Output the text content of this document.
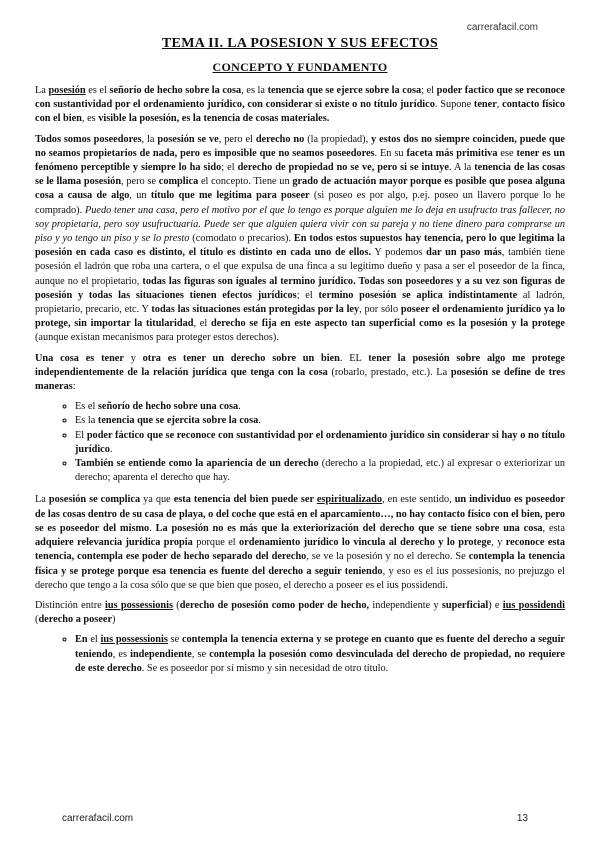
carrerafacil.com
TEMA II. LA POSESION Y SUS EFECTOS
CONCEPTO Y FUNDAMENTO

La posesión es el señorío de hecho sobre la cosa, es la tenencia que se ejerce sobre la cosa; el poder factico que se reconoce con sustantividad por el ordenamiento jurídico, con considerar si existe o no título jurídico. Supone tener, contacto físico con el bien, es visible la posesión, es la tenencia de cosas materiales.

Todos somos poseedores, la posesión se ve, pero el derecho no (la propiedad), y estos dos no siempre coinciden, puede que no seamos propietarios de nada, pero es imposible que no seamos poseedores. En su faceta más primitiva ese tener es un fenómeno perceptible y siempre lo ha sido; el derecho de propiedad no se ve, pero si se intuye. A la tenencia de las cosas se le llama posesión, pero se complica el concepto. Tiene un grado de actuación mayor porque es posible que posea alguna cosa a causa de algo, un título que me legitima para poseer (si poseo es por algo, p.ej. poseo un llavero porque lo he comprado). Puedo tener una casa, pero el motivo por el que lo tengo es porque alguien me lo deja en usufructo tras fallecer, no soy propietaria, pero soy usufructuaria. Puede ser que alguien quiera vivir con su pareja y no tiene dinero para comprarse un piso y yo tengo un piso y se lo presto (comodato o precarios). En todos estos supuestos hay tenencia, pero lo que legitima la posesión en cada caso es distinto, el título es distinto en cada uno de ellos. Y podemos dar un paso más, también tiene posesión el ladrón que roba una cartera, o el que expulsa de una finca a su legítimo dueño y pasa a ser el poseedor de la finca, aunque no el propietario, todas las figuras son iguales al termino jurídico. Todas son poseedores y a su vez son figuras de posesión y todas las situaciones tienen efectos jurídicos; el termino posesión se aplica indistintamente al ladrón, propietario, precario, etc. Y todas las situaciones están protegidas por la ley, por sólo poseer el ordenamiento jurídico ya lo protege, sin importar la titularidad, el derecho se fija en este aspecto tan superficial como es la posesión y la protege (aunque existan mecanismos para proteger estos derechos).

Una cosa es tener y otra es tener un derecho sobre un bien. EL tener la posesión sobre algo me protege independientemente de la relación jurídica que tenga con la cosa (robarlo, prestado, etc.). La posesión se define de tres maneras:

◦ Es el señorío de hecho sobre una cosa.
◦ Es la tenencia que se ejercita sobre la cosa.
◦ El poder fáctico que se reconoce con sustantividad por el ordenamiento jurídico sin considerar si hay o no título jurídico.
◦ También se entiende como la apariencia de un derecho (derecho a la propiedad, etc.) al expresar o exteriorizar un derecho; aparenta el derecho que hay.

La posesión se complica ya que esta tenencia del bien puede ser espiritualizado, en este sentido, un individuo es poseedor de las cosas dentro de su casa de playa, o del coche que está en el aparcamiento…, no hay contacto físico con el bien, pero se es poseedor del mismo. La posesión no es más que la exteriorización del derecho que se tiene sobre una cosa, esta adquiere relevancia jurídica propia porque el ordenamiento jurídico lo vincula al derecho y lo protege, y reconoce esta tenencia, contempla ese poder de hecho separado del derecho, se ve la posesión y no el derecho. Se contempla la tenencia física y se protege porque esa tenencia es fuente del derecho a seguir teniendo, y eso es el ius possesionis, no prejuzgo el derecho que tengo a la cosa sólo que se que bien que poseo, el derecho a poseer es el ius possidendi.

Distinción entre ius possessionis (derecho de posesión como poder de hecho, independiente y superficial) e ius possidendi (derecho a poseer)

◦ En el ius possessionis se contempla la tenencia externa y se protege en cuanto que es fuente del derecho a seguir teniendo, es independiente, se contempla la posesión como desvinculada del derecho de propiedad, no requiere de este derecho. Se es poseedor por sí mismo y sin necesidad de otro título.
carrerafacil.com	13
